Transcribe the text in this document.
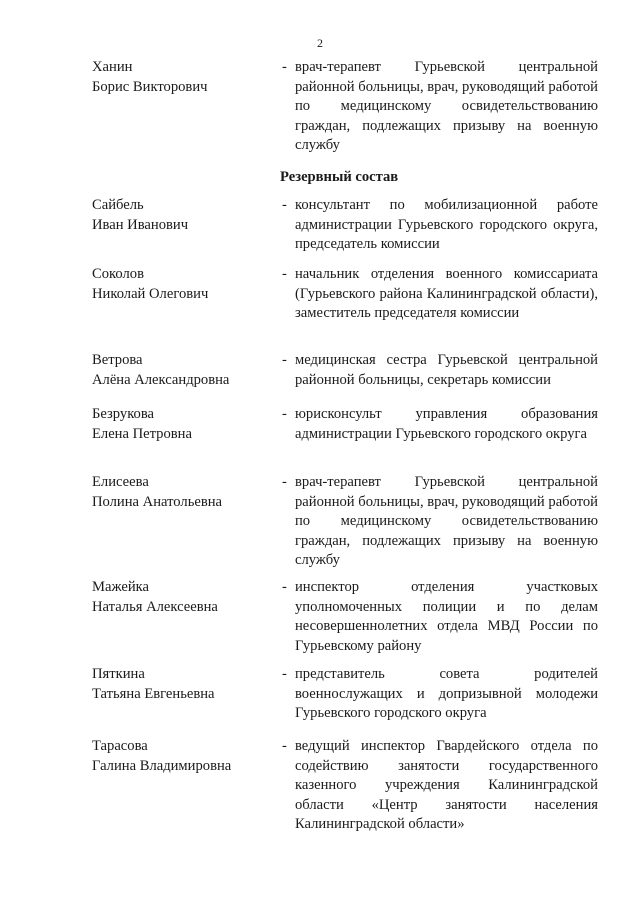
2
Ханин
Борис Викторович
- врач-терапевт Гурьевской центральной районной больницы, врач, руководящий работой по медицинскому освидетельствованию граждан, подлежащих призыву на военную службу
Резервный состав
Сайбель
Иван Иванович
- консультант по мобилизационной работе администрации Гурьевского городского округа, председатель комиссии
Соколов
Николай Олегович
- начальник отделения военного комиссариата (Гурьевского района Калининградской области), заместитель председателя комиссии
Ветрова
Алёна Александровна
- медицинская сестра Гурьевской центральной районной больницы, секретарь комиссии
Безрукова
Елена Петровна
- юрисконсульт управления образования администрации Гурьевского городского округа
Елисеева
Полина Анатольевна
- врач-терапевт Гурьевской центральной районной больницы, врач, руководящий работой по медицинскому освидетельствованию граждан, подлежащих призыву на военную службу
Мажейка
Наталья Алексеевна
- инспектор отделения участковых уполномоченных полиции и по делам несовершеннолетних отдела МВД России по Гурьевскому району
Пяткина
Татьяна Евгеньевна
- представитель совета родителей военнослужащих и допризывной молодежи Гурьевского городского округа
Тарасова
Галина Владимировна
- ведущий инспектор Гвардейского отдела по содействию занятости государственного казенного учреждения Калининградской области «Центр занятости населения Калининградской области»
